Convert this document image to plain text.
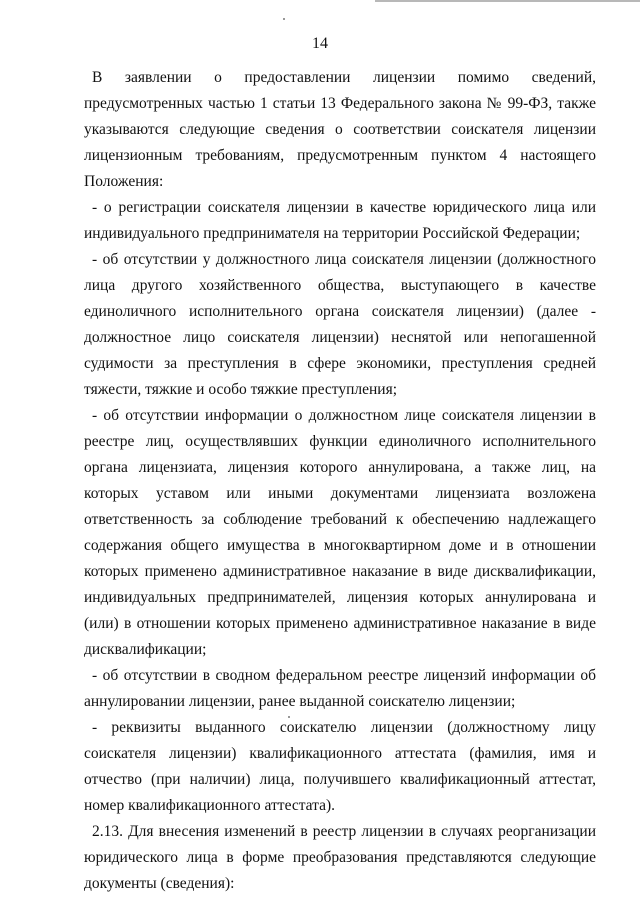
14

В заявлении о предоставлении лицензии помимо сведений, предусмотренных частью 1 статьи 13 Федерального закона № 99-ФЗ, также указываются следующие сведения о соответствии соискателя лицензии лицензионным требованиям, предусмотренным пунктом 4 настоящего Положения:

- о регистрации соискателя лицензии в качестве юридического лица или индивидуального предпринимателя на территории Российской Федерации;

- об отсутствии у должностного лица соискателя лицензии (должностного лица другого хозяйственного общества, выступающего в качестве единоличного исполнительного органа соискателя лицензии) (далее - должностное лицо соискателя лицензии) неснятой или непогашенной судимости за преступления в сфере экономики, преступления средней тяжести, тяжкие и особо тяжкие преступления;

- об отсутствии информации о должностном лице соискателя лицензии в реестре лиц, осуществлявших функции единоличного исполнительного органа лицензиата, лицензия которого аннулирована, а также лиц, на которых уставом или иными документами лицензиата возложена ответственность за соблюдение требований к обеспечению надлежащего содержания общего имущества в многоквартирном доме и в отношении которых применено административное наказание в виде дисквалификации, индивидуальных предпринимателей, лицензия которых аннулирована и (или) в отношении которых применено административное наказание в виде дисквалификации;

- об отсутствии в сводном федеральном реестре лицензий информации об аннулировании лицензии, ранее выданной соискателю лицензии;

- реквизиты выданного соискателю лицензии (должностному лицу соискателя лицензии) квалификационного аттестата (фамилия, имя и отчество (при наличии) лица, получившего квалификационный аттестат, номер квалификационного аттестата).

2.13. Для внесения изменений в реестр лицензии в случаях реорганизации юридического лица в форме преобразования представляются следующие документы (сведения):
